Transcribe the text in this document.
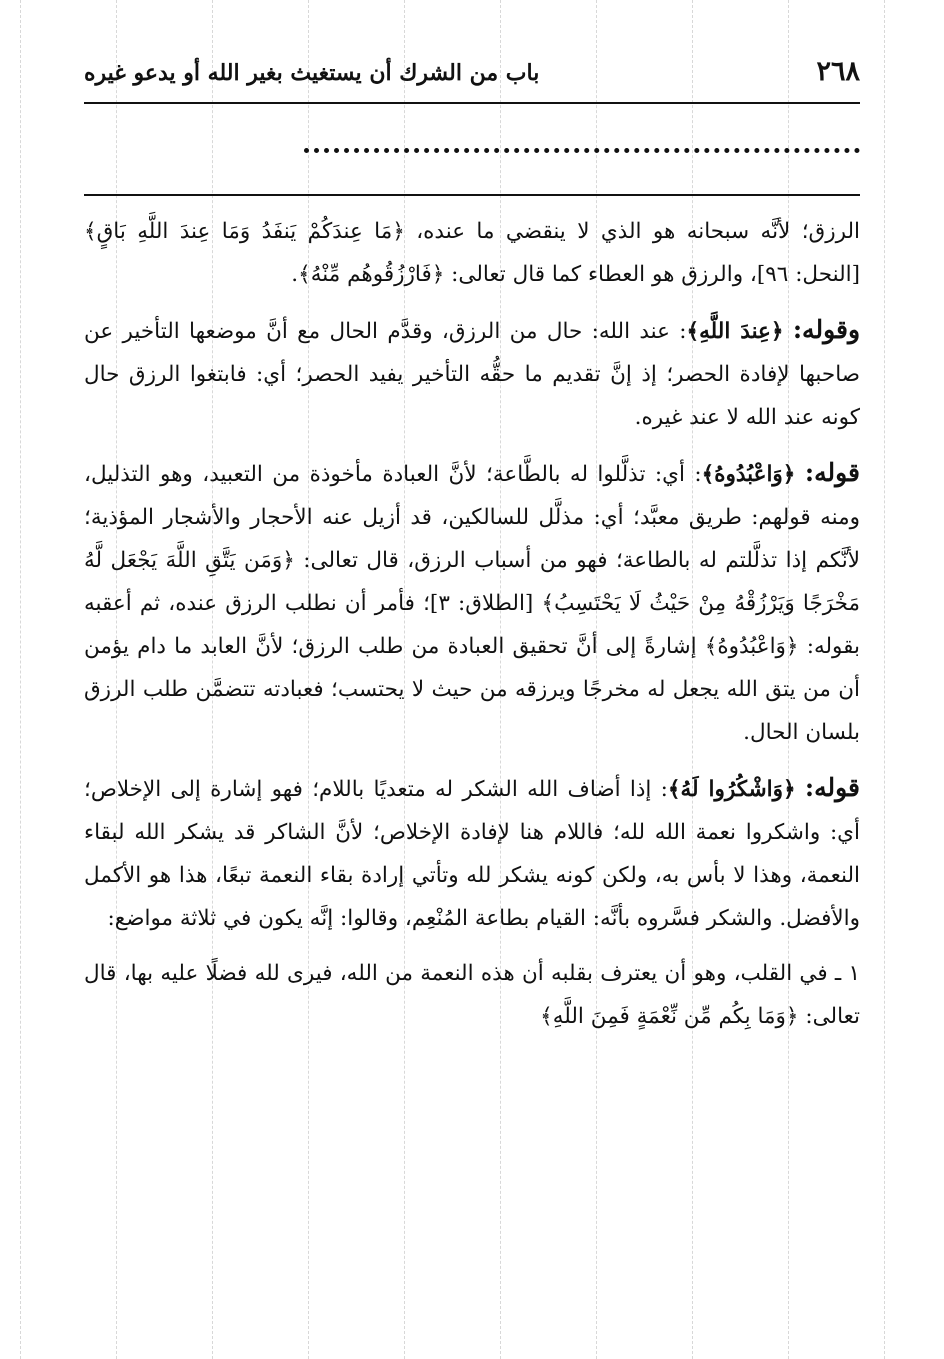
٢٦٨
باب من الشرك أن يستغيث بغير الله أو يدعو غيره

الرزق؛ لأنَّه سبحانه هو الذي لا ينقضي ما عنده، ﴿مَا عِندَكُمْ يَنفَدُ وَمَا عِندَ اللَّهِ بَاقٍ﴾ [النحل: ٩٦]، والرزق هو العطاء كما قال تعالى: ﴿فَارْزُقُوهُم مِّنْهُ﴾.

وقوله: ﴿عِندَ اللَّهِ﴾: عند الله: حال من الرزق، وقدَّم الحال مع أنَّ موضعها التأخير عن صاحبها لإفادة الحصر؛ إذ إنَّ تقديم ما حقُّه التأخير يفيد الحصر؛ أي: فابتغوا الرزق حال كونه عند الله لا عند غيره.

قوله: ﴿وَاعْبُدُوهُ﴾: أي: تذلَّلوا له بالطَّاعة؛ لأنَّ العبادة مأخوذة من التعبيد، وهو التذليل، ومنه قولهم: طريق معبَّد؛ أي: مذلَّل للسالكين، قد أزيل عنه الأحجار والأشجار المؤذية؛ لأنَّكم إذا تذلَّلتم له بالطاعة؛ فهو من أسباب الرزق، قال تعالى: ﴿وَمَن يَتَّقِ اللَّهَ يَجْعَل لَّهُ مَخْرَجًا وَيَرْزُقْهُ مِنْ حَيْثُ لَا يَحْتَسِبُ﴾ [الطلاق: ٣]؛ فأمر أن نطلب الرزق عنده، ثم أعقبه بقوله: ﴿وَاعْبُدُوهُ﴾ إشارةً إلى أنَّ تحقيق العبادة من طلب الرزق؛ لأنَّ العابد ما دام يؤمن أن من يتق الله يجعل له مخرجًا ويرزقه من حيث لا يحتسب؛ فعبادته تتضمَّن طلب الرزق بلسان الحال.

قوله: ﴿وَاشْكُرُوا لَهُ﴾: إذا أضاف الله الشكر له متعديًا باللام؛ فهو إشارة إلى الإخلاص؛ أي: واشكروا نعمة الله لله؛ فاللام هنا لإفادة الإخلاص؛ لأنَّ الشاكر قد يشكر الله لبقاء النعمة، وهذا لا بأس به، ولكن كونه يشكر لله وتأتي إرادة بقاء النعمة تبعًا، هذا هو الأكمل والأفضل. والشكر فسَّروه بأنَّه: القيام بطاعة المُنْعِم، وقالوا: إنَّه يكون في ثلاثة مواضع:

١ ـ في القلب، وهو أن يعترف بقلبه أن هذه النعمة من الله، فيرى لله فضلًا عليه بها، قال تعالى: ﴿وَمَا بِكُم مِّن نِّعْمَةٍ فَمِنَ اللَّهِ﴾
